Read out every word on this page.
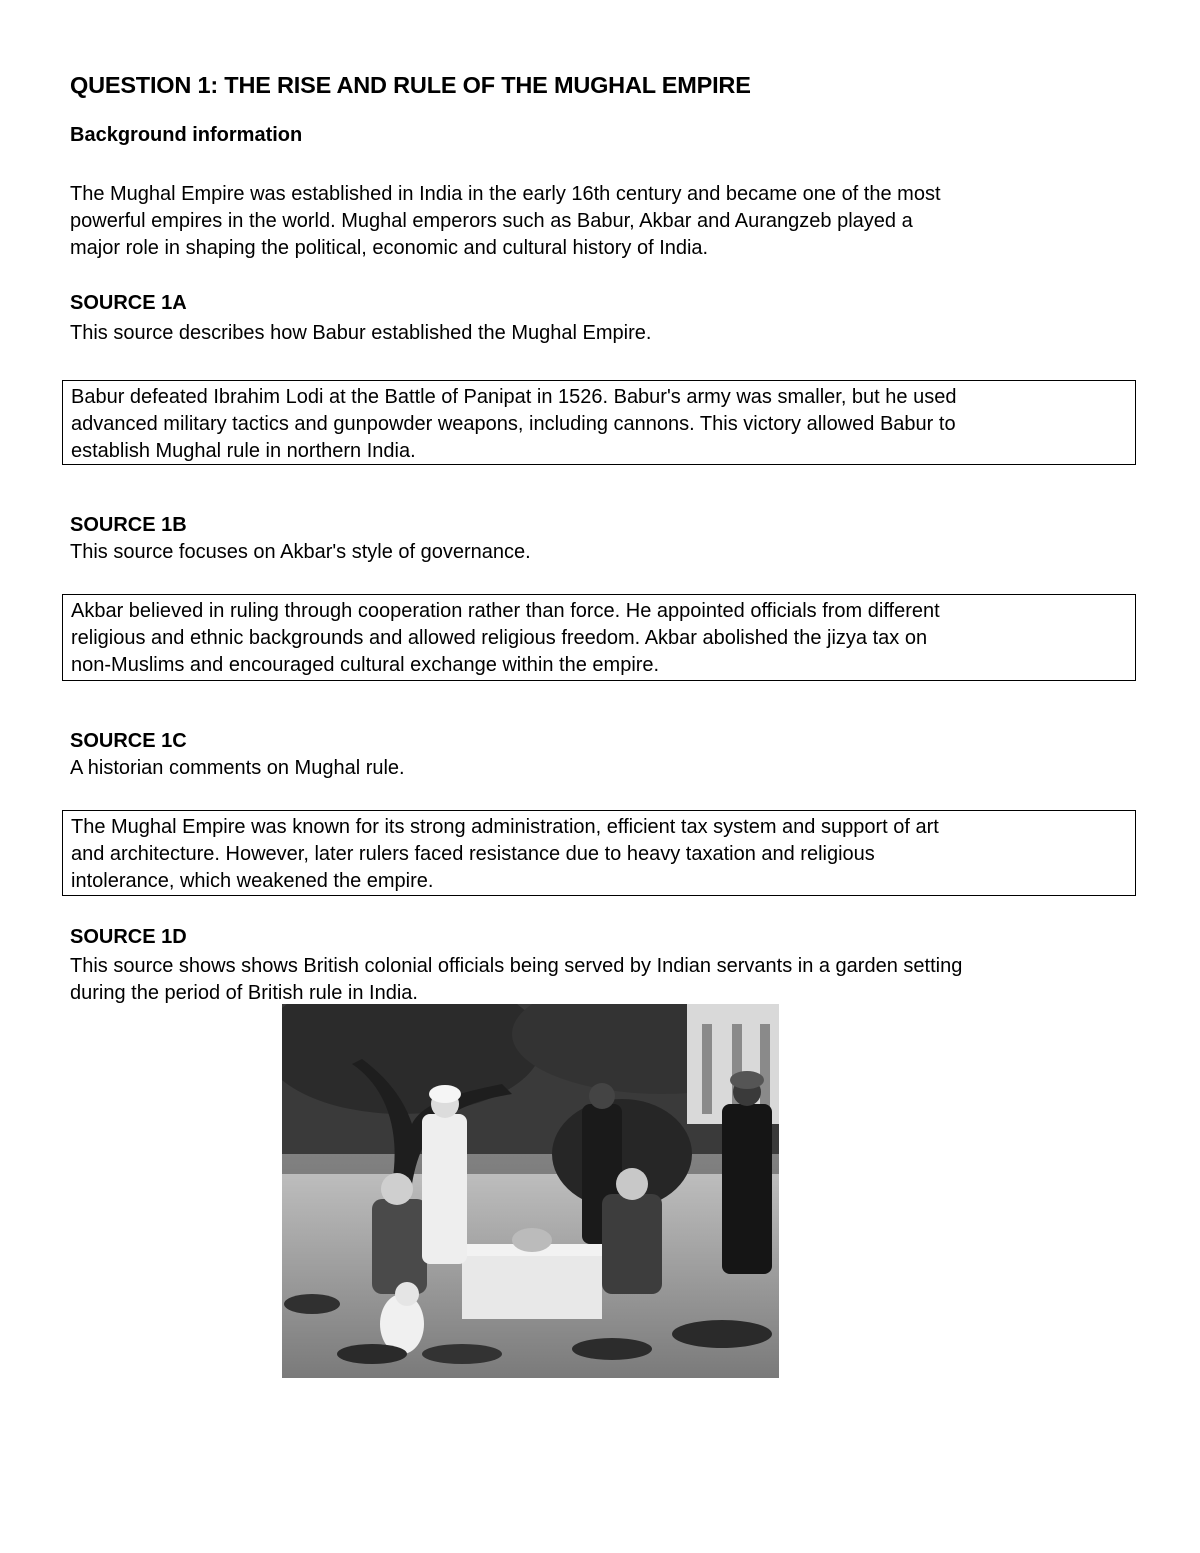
QUESTION 1: THE RISE AND RULE OF THE MUGHAL EMPIRE
Background information
The Mughal Empire was established in India in the early 16th century and became one of the most
powerful empires in the world. Mughal emperors such as Babur, Akbar and Aurangzeb played a
major role in shaping the political, economic and cultural history of India.
SOURCE 1A
This source describes how Babur established the Mughal Empire.
Babur defeated Ibrahim Lodi at the Battle of Panipat in 1526. Babur's army was smaller, but he used
advanced military tactics and gunpowder weapons, including cannons. This victory allowed Babur to
establish Mughal rule in northern India.
SOURCE 1B
This source focuses on Akbar's style of governance.
Akbar believed in ruling through cooperation rather than force. He appointed officials from different
religious and ethnic backgrounds and allowed religious freedom. Akbar abolished the jizya tax on
non-Muslims and encouraged cultural exchange within the empire.
SOURCE 1C
A historian comments on Mughal rule.
The Mughal Empire was known for its strong administration, efficient tax system and support of art
and architecture. However, later rulers faced resistance due to heavy taxation and religious
intolerance, which weakened the empire.
SOURCE 1D
This source shows shows British colonial officials being served by Indian servants in a garden setting
during the period of British rule in India.
